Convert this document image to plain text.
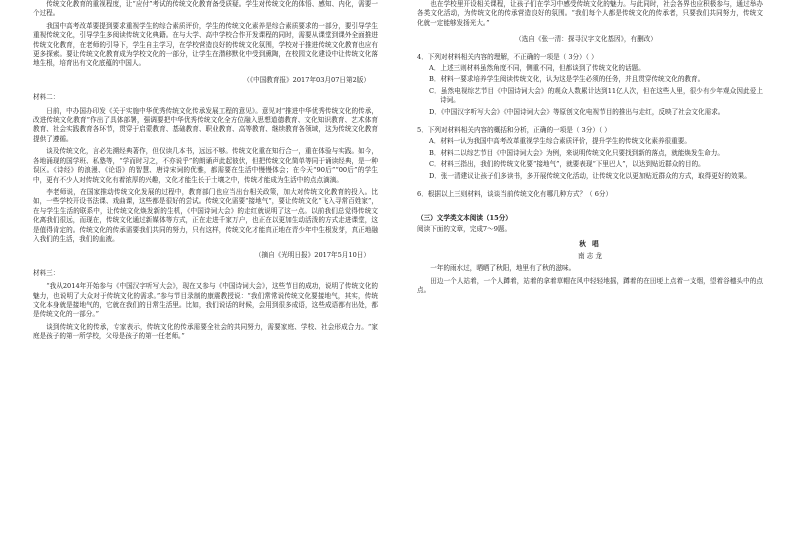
传统文化教育的重视程度，让“应付”考试的传统文化教育备受质疑。学生对传统文化的体悟、感知、内化，需要一个过程。

我国中高考改革要提到要求重视学生的综合素质评价，学生的传统文化素养是综合素质要求的一部分，要引导学生重视传统文化，引导学生多阅读传统文化典籍。在与大学、高中学校合作开发课程的同时，需要从课堂到课外全面推进传统文化教育，在老师的引导下，学生自主学习，在学校营造良好的传统文化氛围，学校对于推进传统文化教育也应有更多探索。要让传统文化教育成为学校文化的一部分，让学生在潜移默化中受到熏陶，在校园文化建设中让传统文化落地生根，培育出有文化底蕴的中国人。

（《中国教育报》2017年03月07日第2版）

材料二：

日前，中办国办印发《关于实施中华优秀传统文化传承发展工程的意见》。意见对“推进中华优秀传统文化的传承，改进传统文化教育”作出了具体部署，强调要把中华优秀传统文化全方位融入思想道德教育、文化知识教育、艺术体育教育、社会实践教育各环节，贯穿于启蒙教育、基础教育、职业教育、高等教育、继续教育各领域，这为传统文化教育提供了遵循。

谈及传统文化，言必先溯经典著作，但仅读几本书，远远不够。传统文化重在知行合一，重在体验与实践。如今，各地涌现的国学班、私塾等，“学而时习之，不亦说乎”的朗诵声此起彼伏，但把传统文化简单等同于诵读经典，是一种误区。《诗经》的浪漫、《论语》的智慧、唐诗宋词的优雅，都需要在生活中慢慢体会；在今天“90后”“00后”的学生中，更有不少人对传统文化有着浓厚的兴趣，文化才能生长于土壤之中，传统才能成为生活中的点点滴滴。

李老师说，在国家推动传统文化发展的过程中，教育部门也应当出台相关政策，加大对传统文化教育的投入。比如，一些学校开设书法课、戏曲课，这些都是很好的尝试。传统文化需要“接地气”，要让传统文化“飞入寻常百姓家”，在与学生生活的联系中，让传统文化焕发新的生机，《中国诗词大会》的走红就说明了这一点。以前我们总觉得传统文化离我们很远，而现在，传统文化通过新媒体等方式，正在走进千家万户，也正在以更加生动活泼的方式走进课堂，这是值得肯定的。传统文化的传承需要我们共同的努力，只有这样，传统文化才能真正地在青少年中生根发芽，真正地融入我们的生活，我们的血液。

（摘自《光明日报》2017年5月10日）

材料三：

“我从2014年开始参与《中国汉字听写大会》，现在又参与《中国诗词大会》，这些节目的成功，说明了传统文化的魅力，也说明了大众对于传统文化的需求。”参与节目录制的康震教授说：“我们常常说传统文化要接地气，其实，传统文化本身就是接地气的，它就在我们的日常生活里。比如，我们说话的时候，会用到很多成语，这些成语都有出处，都是传统文化的一部分。”

谈到传统文化的传承，专家表示，传统文化的传承需要全社会的共同努力，需要家庭、学校、社会形成合力。“家庭是孩子的第一所学校，父母是孩子的第一任老师。”

也在学校里开设相关课程，让孩子们在学习中感受传统文化的魅力。与此同时，社会各界也应积极参与，通过举办各类文化活动，为传统文化的传承营造良好的氛围。“我们每个人都是传统文化的传承者，只要我们共同努力，传统文化就一定能够发扬光大。”

（选自《张一清：探寻汉字文化基因》，有删改）

4．下列对材料相关内容的理解，不正确的一项是（ 3分）（ ）

A．上述三则材料虽然角度不同，侧重不同，但都谈到了传统文化的话题。

B．材料一要求培养学生阅读传统文化，认为这是学生必须的任务，并且贯穿传统文化的教育。

C．虽然电视综艺节目《中国诗词大会》的观众人数累计达到11亿人次，但在这些人里，很少有少年观众因此爱上诗词。

D．《中国汉字听写大会》《中国诗词大会》等原创文化电视节目的推出与走红，反映了社会文化需求。

5．下列对材料相关内容的概括和分析，正确的一项是（ 3分）（ ）

A．材料一认为我国中高考改革重视学生综合素质评价，提升学生的传统文化素养很重要。

B．材料二以综艺节目《中国诗词大会》为例，来说明传统文化只要找到新的落点，就能焕发生命力。

C．材料三指出，我们的传统文化要“接地气”，就要表现“下里巴人”，以达到贴近群众的目的。

D．张一清建议让孩子们多读书，多开展传统文化活动，让传统文化以更加贴近群众的方式，取得更好的效果。

6．根据以上三则材料，谈谈当前传统文化有哪几种方式？（ 6分）

（三）文学类文本阅读（15分）

阅读下面的文章，完成7～9题。

秋 唱

南 志 龙

一年的雨水过，晒晒了秋阳，地里有了秋的滋味。

田边一个人站着，一个人蹲着，站着的拿着草帽在风中轻轻地摇，蹲着的在田埂上点着一支烟，望着谷穗头中的点点。
